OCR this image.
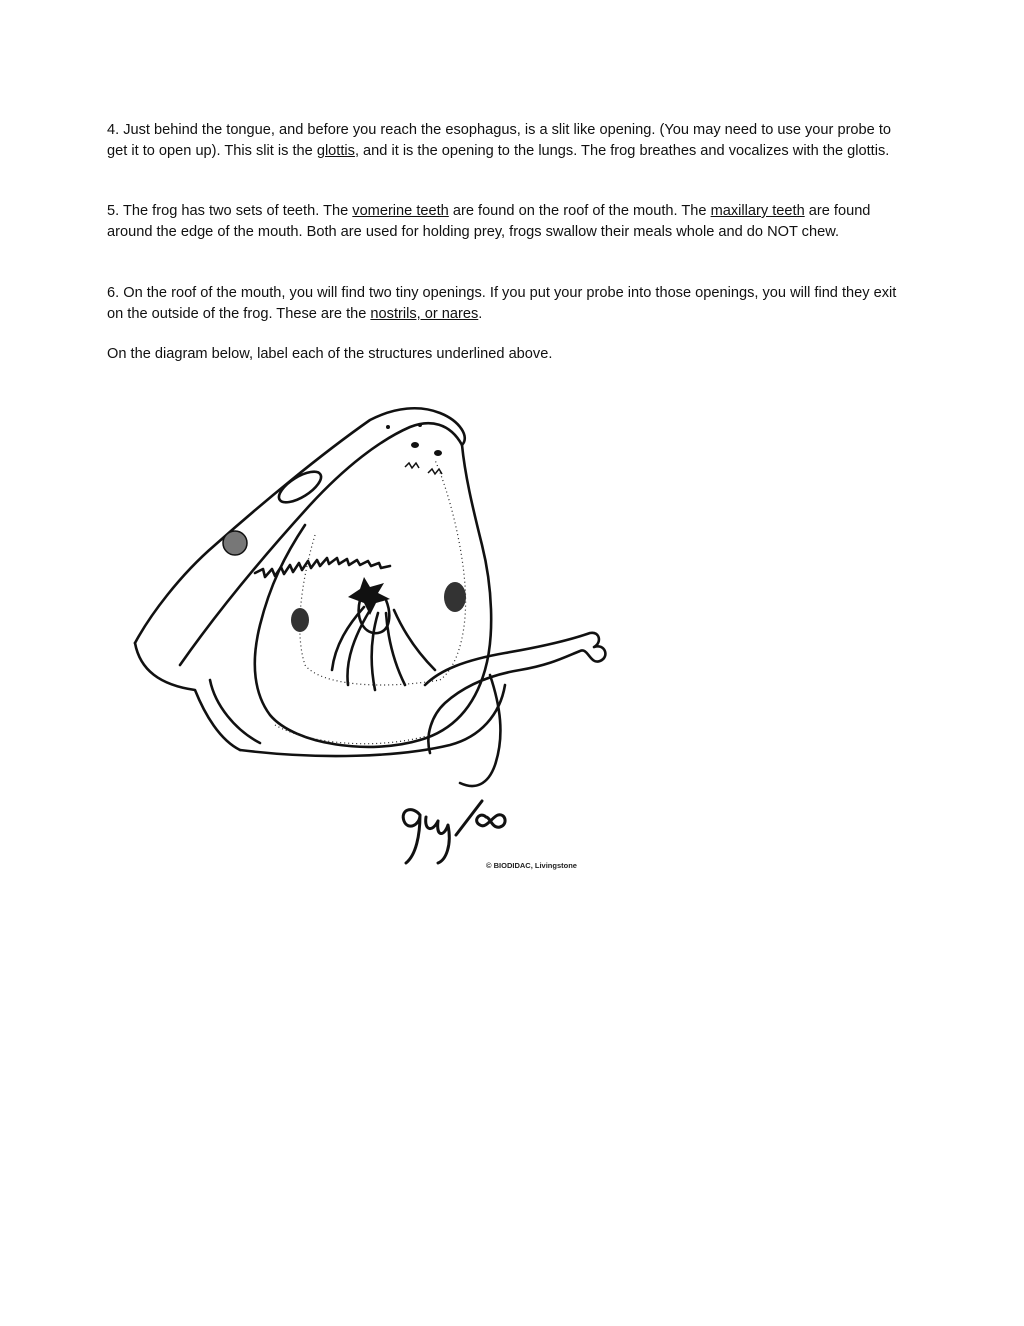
4. Just behind the tongue, and before you reach the esophagus, is a slit like opening. (You may need to use your probe to get it to open up). This slit is the glottis, and it is the opening to the lungs. The frog breathes and vocalizes with the glottis.

5. The frog has two sets of teeth. The vomerine teeth are found on the roof of the mouth. The maxillary teeth are found around the edge of the mouth. Both are used for holding prey, frogs swallow their meals whole and do NOT chew.

6. On the roof of the mouth, you will find two tiny openings. If you put your probe into those openings, you will find they exit on the outside of the frog. These are the nostrils, or nares.

On the diagram below, label each of the structures underlined above.

© BIODIDAC, Livingstone
